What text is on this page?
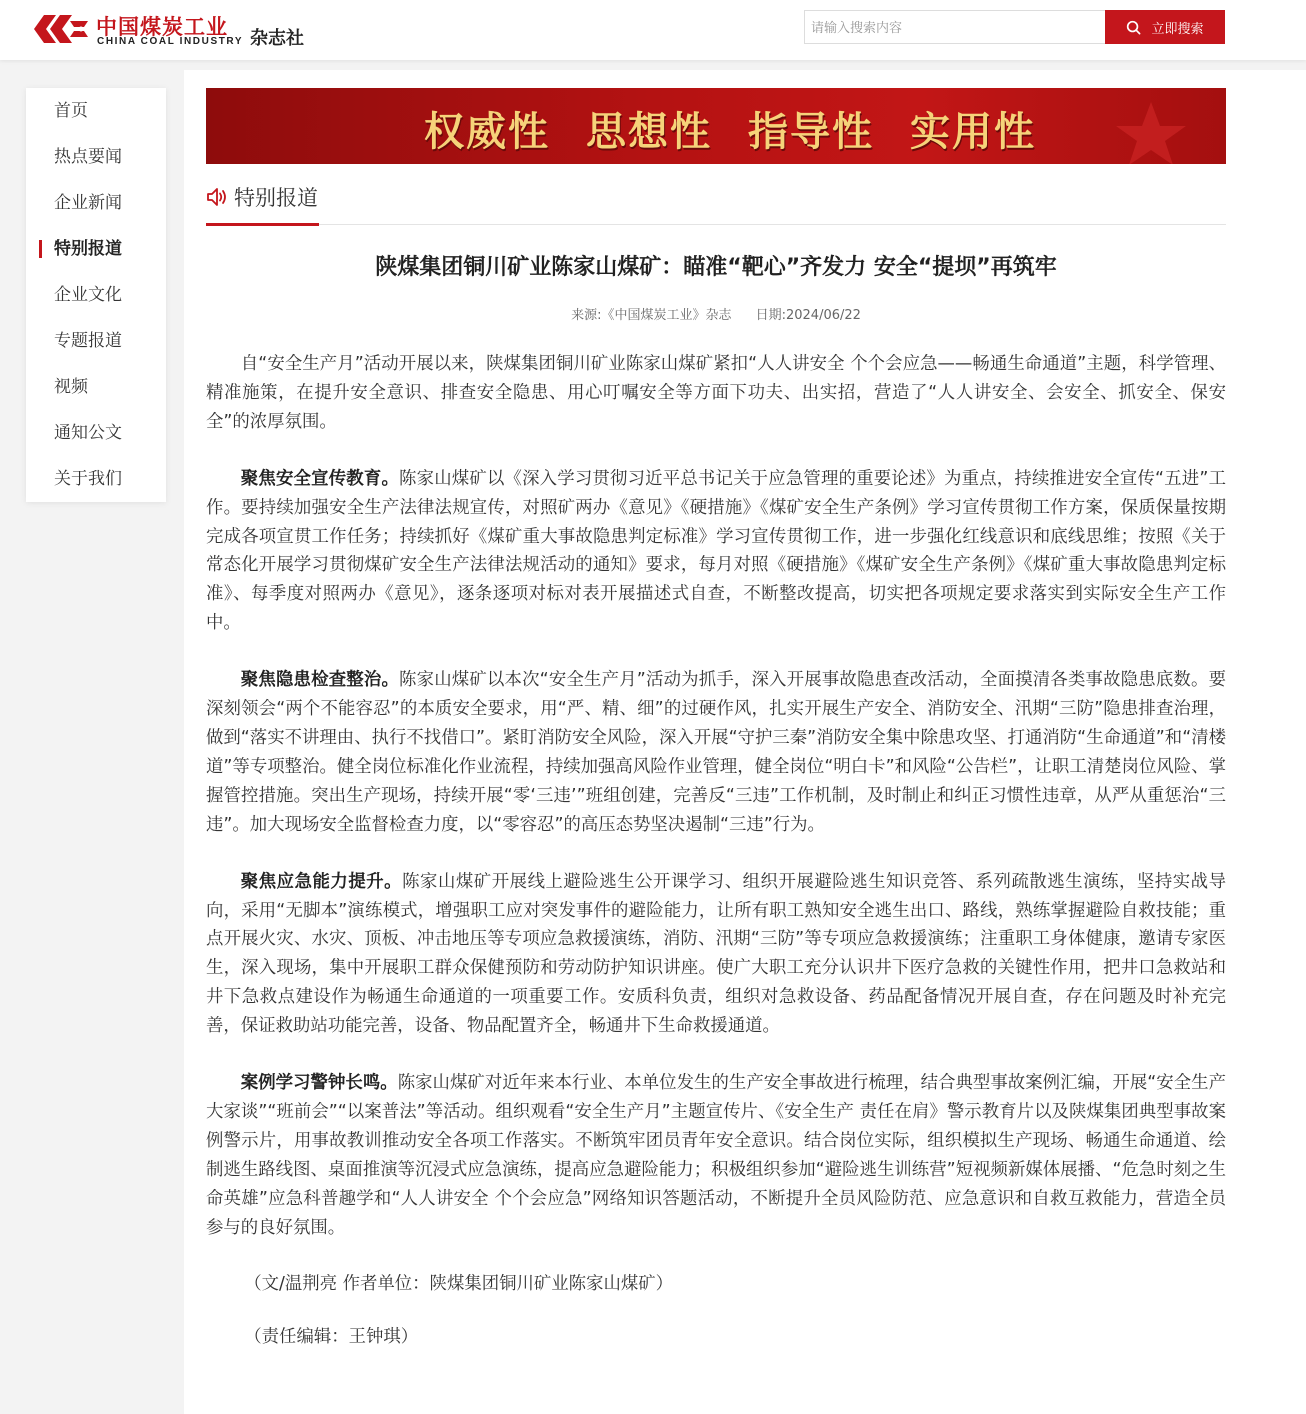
中国煤炭工业
CHINA COAL INDUSTRY 杂志社
请输入搜索内容	立即搜索
首页
热点要闻
企业新闻
特别报道
企业文化
专题报道
视频
通知公文
关于我们
权威性 思想性 指导性 实用性
特别报道
陕煤集团铜川矿业陈家山煤矿：瞄准“靶心”齐发力 安全“提坝”再筑牢
来源:《中国煤炭工业》杂志 日期:2024/06/22

自“安全生产月”活动开展以来，陕煤集团铜川矿业陈家山煤矿紧扣“人人讲安全 个个会应急——畅通生命通道”主题，科学管理、精准施策，在提升安全意识、排查安全隐患、用心叮嘱安全等方面下功夫、出实招，营造了“人人讲安全、会安全、抓安全、保安全”的浓厚氛围。

聚焦安全宣传教育。陈家山煤矿以《深入学习贯彻习近平总书记关于应急管理的重要论述》为重点，持续推进安全宣传“五进”工作。要持续加强安全生产法律法规宣传，对照矿两办《意见》《硬措施》《煤矿安全生产条例》学习宣传贯彻工作方案，保质保量按期完成各项宣贯工作任务；持续抓好《煤矿重大事故隐患判定标准》学习宣传贯彻工作，进一步强化红线意识和底线思维；按照《关于常态化开展学习贯彻煤矿安全生产法律法规活动的通知》要求，每月对照《硬措施》《煤矿安全生产条例》《煤矿重大事故隐患判定标准》、每季度对照两办《意见》，逐条逐项对标对表开展描述式自查，不断整改提高，切实把各项规定要求落实到实际安全生产工作中。

聚焦隐患检查整治。陈家山煤矿以本次“安全生产月”活动为抓手，深入开展事故隐患查改活动，全面摸清各类事故隐患底数。要深刻领会“两个不能容忍”的本质安全要求，用“严、精、细”的过硬作风，扎实开展生产安全、消防安全、汛期“三防”隐患排查治理，做到“落实不讲理由、执行不找借口”。紧盯消防安全风险，深入开展“守护三秦”消防安全集中除患攻坚、打通消防“生命通道”和“清楼道”等专项整治。健全岗位标准化作业流程，持续加强高风险作业管理，健全岗位“明白卡”和风险“公告栏”，让职工清楚岗位风险、掌握管控措施。突出生产现场，持续开展“零‘三违’”班组创建，完善反“三违”工作机制，及时制止和纠正习惯性违章，从严从重惩治“三违”。加大现场安全监督检查力度，以“零容忍”的高压态势坚决遏制“三违”行为。

聚焦应急能力提升。陈家山煤矿开展线上避险逃生公开课学习、组织开展避险逃生知识竞答、系列疏散逃生演练，坚持实战导向，采用“无脚本”演练模式，增强职工应对突发事件的避险能力，让所有职工熟知安全逃生出口、路线，熟练掌握避险自救技能；重点开展火灾、水灾、顶板、冲击地压等专项应急救援演练，消防、汛期“三防”等专项应急救援演练；注重职工身体健康，邀请专家医生，深入现场，集中开展职工群众保健预防和劳动防护知识讲座。使广大职工充分认识井下医疗急救的关键性作用，把井口急救站和井下急救点建设作为畅通生命通道的一项重要工作。安质科负责，组织对急救设备、药品配备情况开展自查，存在问题及时补充完善，保证救助站功能完善，设备、物品配置齐全，畅通井下生命救援通道。

案例学习警钟长鸣。陈家山煤矿对近年来本行业、本单位发生的生产安全事故进行梳理，结合典型事故案例汇编，开展“安全生产大家谈”“班前会”“以案普法”等活动。组织观看“安全生产月”主题宣传片、《安全生产 责任在肩》警示教育片以及陕煤集团典型事故案例警示片，用事故教训推动安全各项工作落实。不断筑牢团员青年安全意识。结合岗位实际，组织模拟生产现场、畅通生命通道、绘制逃生路线图、桌面推演等沉浸式应急演练，提高应急避险能力；积极组织参加“避险逃生训练营”短视频新媒体展播、“危急时刻之生命英雄”应急科普趣学和“人人讲安全 个个会应急”网络知识答题活动，不断提升全员风险防范、应急意识和自救互救能力，营造全员参与的良好氛围。

（文/温荆亮 作者单位：陕煤集团铜川矿业陈家山煤矿）

（责任编辑：王钟琪）
